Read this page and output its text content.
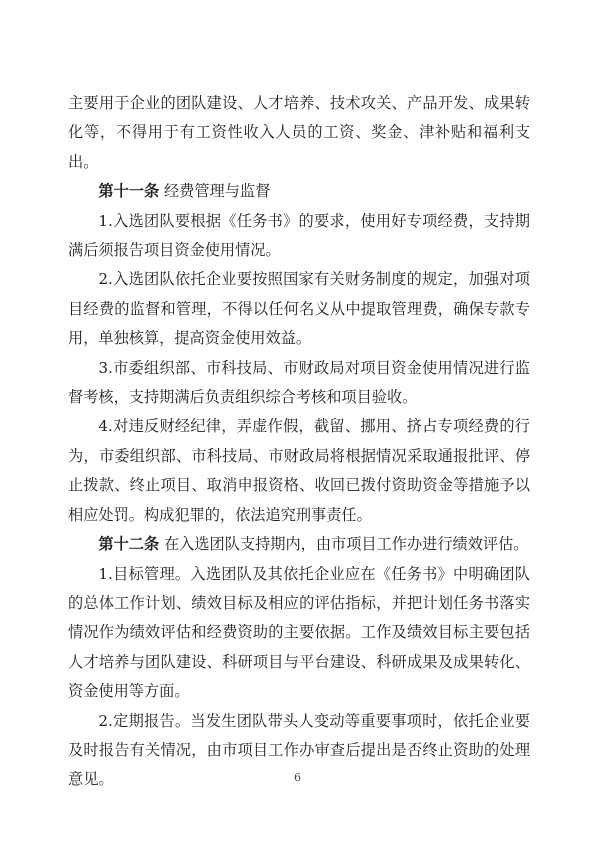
主要用于企业的团队建设、人才培养、技术攻关、产品开发、成果转化等，不得用于有工资性收入人员的工资、奖金、津补贴和福利支出。

第十一条 经费管理与监督

1.入选团队要根据《任务书》的要求，使用好专项经费，支持期满后须报告项目资金使用情况。

2.入选团队依托企业要按照国家有关财务制度的规定，加强对项目经费的监督和管理，不得以任何名义从中提取管理费，确保专款专用，单独核算，提高资金使用效益。

3.市委组织部、市科技局、市财政局对项目资金使用情况进行监督考核，支持期满后负责组织综合考核和项目验收。

4.对违反财经纪律，弄虚作假，截留、挪用、挤占专项经费的行为，市委组织部、市科技局、市财政局将根据情况采取通报批评、停止拨款、终止项目、取消申报资格、收回已拨付资助资金等措施予以相应处罚。构成犯罪的，依法追究刑事责任。

第十二条 在入选团队支持期内，由市项目工作办进行绩效评估。

1.目标管理。入选团队及其依托企业应在《任务书》中明确团队的总体工作计划、绩效目标及相应的评估指标，并把计划任务书落实情况作为绩效评估和经费资助的主要依据。工作及绩效目标主要包括人才培养与团队建设、科研项目与平台建设、科研成果及成果转化、资金使用等方面。

2.定期报告。当发生团队带头人变动等重要事项时，依托企业要及时报告有关情况，由市项目工作办审查后提出是否终止资助的处理意见。	6
